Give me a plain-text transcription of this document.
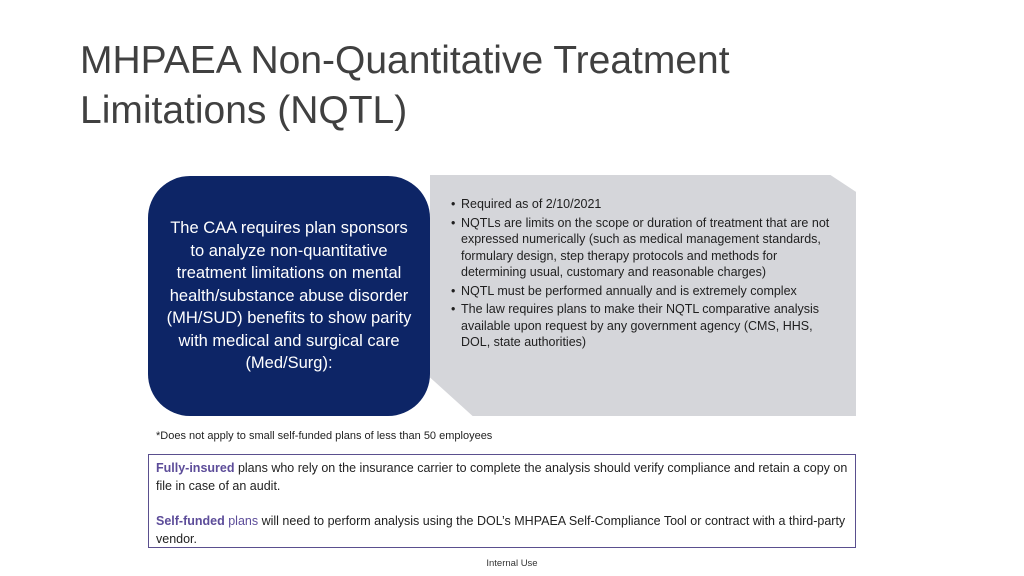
MHPAEA Non-Quantitative Treatment Limitations (NQTL)
• Required as of 2/10/2021
• NQTLs are limits on the scope or duration of treatment that are not expressed numerically (such as medical management standards, formulary design, step therapy protocols and methods for determining usual, customary and reasonable charges)
• NQTL must be performed annually and is extremely complex
• The law requires plans to make their NQTL comparative analysis available upon request by any government agency (CMS, HHS, DOL, state authorities)
The CAA requires plan sponsors to analyze non-quantitative treatment limitations on mental health/substance abuse disorder (MH/SUD) benefits to show parity with medical and surgical care (Med/Surg):
*Does not apply to small self-funded plans of less than 50 employees

Fully-insured plans who rely on the insurance carrier to complete the analysis should verify compliance and retain a copy on file in case of an audit.

Self-funded plans will need to perform analysis using the DOL’s MHPAEA Self-Compliance Tool or contract with a third-party vendor.

Internal Use
